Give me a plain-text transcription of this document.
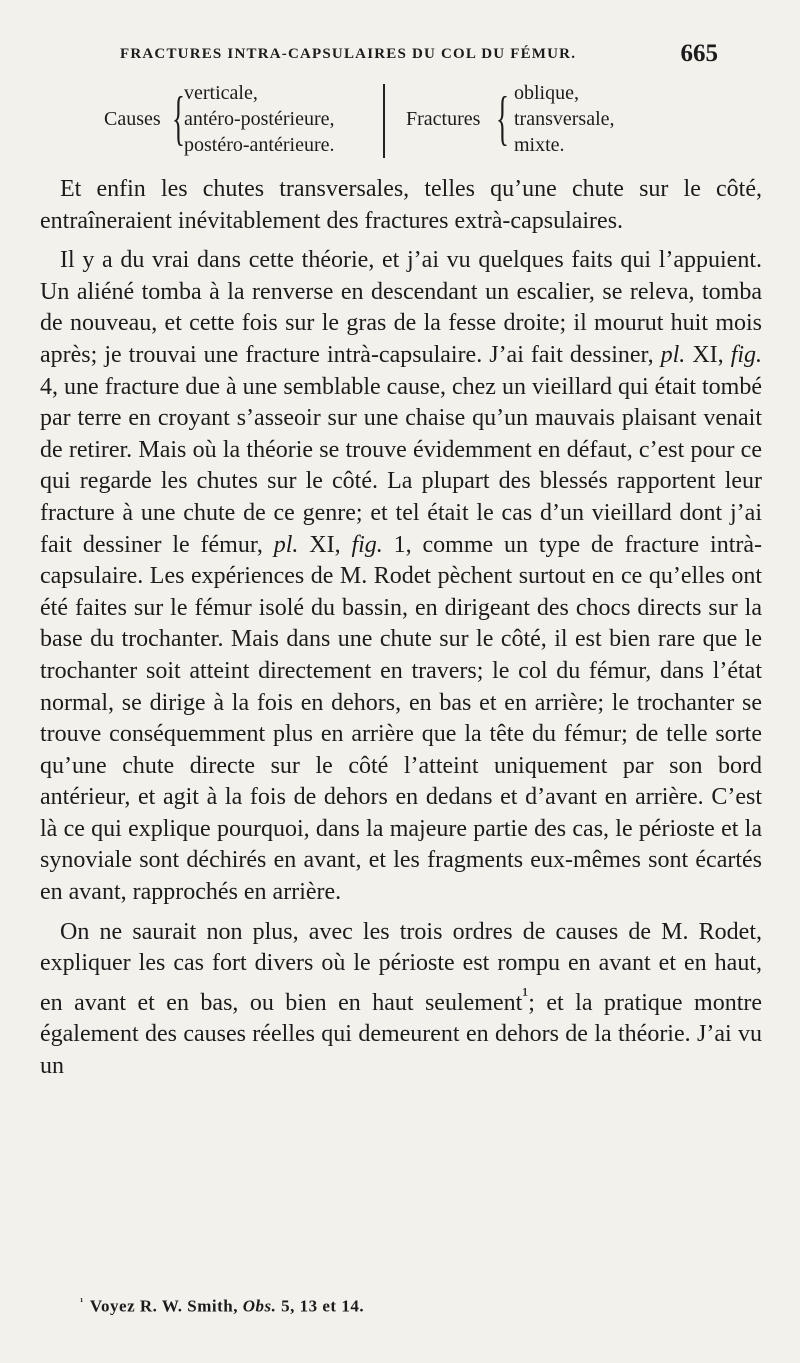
FRACTURES INTRA-CAPSULAIRES DU COL DU FÉMUR.	665
Causes { verticale,
antéro-postérieure,
postéro-antérieure.
Fractures { oblique,
transversale,
mixte.

Et enfin les chutes transversales, telles qu’une chute sur le côté, entraîneraient inévitablement des fractures extrà-capsulaires.

Il y a du vrai dans cette théorie, et j’ai vu quelques faits qui l’appuient. Un aliéné tomba à la renverse en descendant un escalier, se releva, tomba de nouveau, et cette fois sur le gras de la fesse droite; il mourut huit mois après; je trouvai une fracture intrà-capsulaire. J’ai fait dessiner, pl. XI, fig. 4, une fracture due à une semblable cause, chez un vieillard qui était tombé par terre en croyant s’asseoir sur une chaise qu’un mauvais plaisant venait de retirer. Mais où la théorie se trouve évidemment en défaut, c’est pour ce qui regarde les chutes sur le côté. La plupart des blessés rapportent leur fracture à une chute de ce genre; et tel était le cas d’un vieillard dont j’ai fait dessiner le fémur, pl. XI, fig. 1, comme un type de fracture intrà-capsulaire. Les expériences de M. Rodet pèchent surtout en ce qu’elles ont été faites sur le fémur isolé du bassin, en dirigeant des chocs directs sur la base du trochanter. Mais dans une chute sur le côté, il est bien rare que le trochanter soit atteint directement en travers; le col du fémur, dans l’état normal, se dirige à la fois en dehors, en bas et en arrière; le trochanter se trouve conséquemment plus en arrière que la tête du fémur; de telle sorte qu’une chute directe sur le côté l’atteint uniquement par son bord antérieur, et agit à la fois de dehors en dedans et d’avant en arrière. C’est là ce qui explique pourquoi, dans la majeure partie des cas, le périoste et la synoviale sont déchirés en avant, et les fragments eux-mêmes sont écartés en avant, rapprochés en arrière.

On ne saurait non plus, avec les trois ordres de causes de M. Rodet, expliquer les cas fort divers où le périoste est rompu en avant et en haut, en avant et en bas, ou bien en haut seulement$^{^1}$; et la pratique montre également des causes réelles qui demeurent en dehors de la théorie. J’ai vu un

$^{^1}$ Voyez R. W. Smith, Obs. 5, 13 et 14.
